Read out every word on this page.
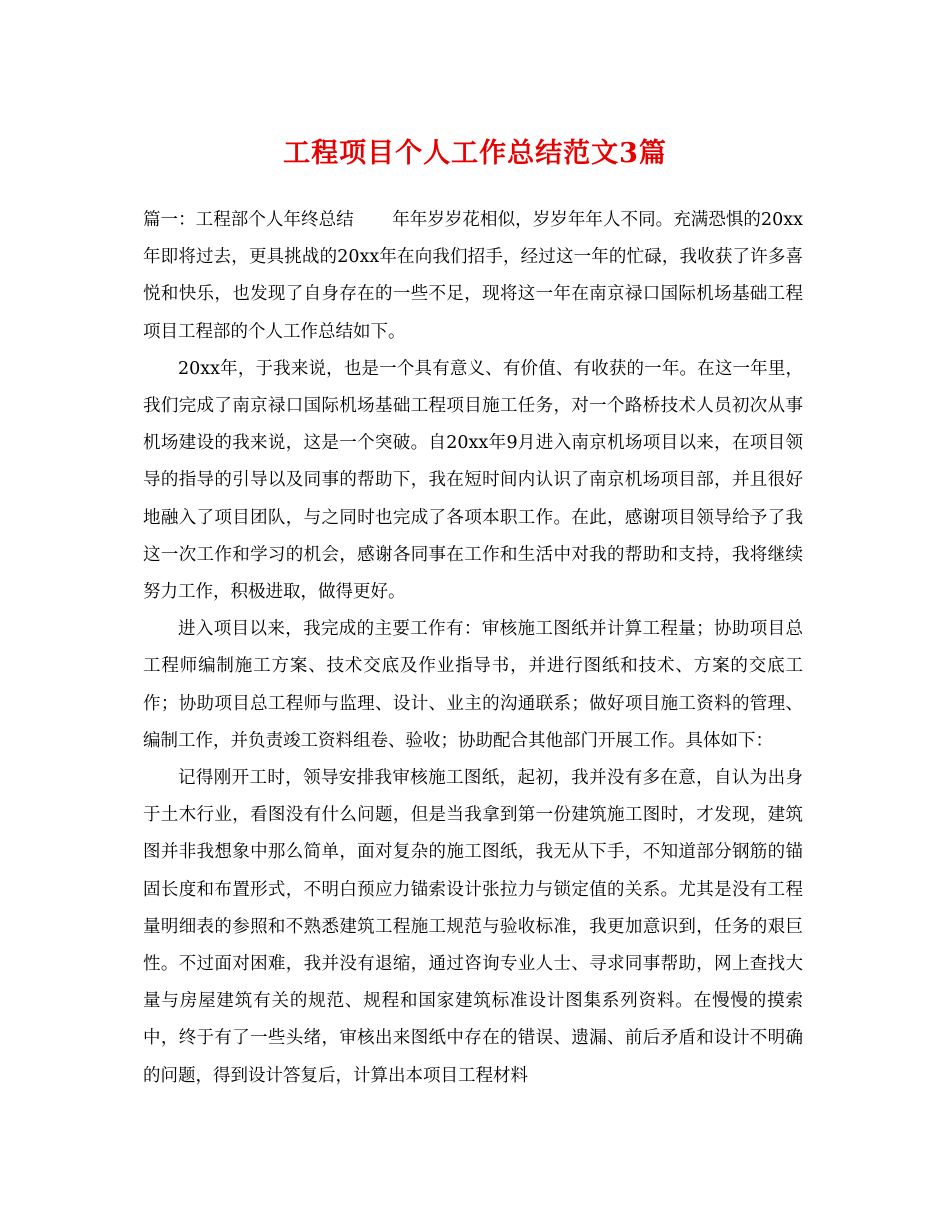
工程项目个人工作总结范文3篇

篇一：工程部个人年终总结 年年岁岁花相似，岁岁年年人不同。充满恐惧的20xx年即将过去，更具挑战的20xx年在向我们招手，经过这一年的忙碌，我收获了许多喜悦和快乐，也发现了自身存在的一些不足，现将这一年在南京禄口国际机场基础工程项目工程部的个人工作总结如下。

20xx年，于我来说，也是一个具有意义、有价值、有收获的一年。在这一年里，我们完成了南京禄口国际机场基础工程项目施工任务，对一个路桥技术人员初次从事机场建设的我来说，这是一个突破。自20xx年9月进入南京机场项目以来，在项目领导的指导的引导以及同事的帮助下，我在短时间内认识了南京机场项目部，并且很好地融入了项目团队，与之同时也完成了各项本职工作。在此，感谢项目领导给予了我这一次工作和学习的机会，感谢各同事在工作和生活中对我的帮助和支持，我将继续努力工作，积极进取，做得更好。

进入项目以来，我完成的主要工作有：审核施工图纸并计算工程量；协助项目总工程师编制施工方案、技术交底及作业指导书，并进行图纸和技术、方案的交底工作；协助项目总工程师与监理、设计、业主的沟通联系；做好项目施工资料的管理、编制工作，并负责竣工资料组卷、验收；协助配合其他部门开展工作。具体如下：

记得刚开工时，领导安排我审核施工图纸，起初，我并没有多在意，自认为出身于土木行业，看图没有什么问题，但是当我拿到第一份建筑施工图时，才发现，建筑图并非我想象中那么简单，面对复杂的施工图纸，我无从下手，不知道部分钢筋的锚固长度和布置形式，不明白预应力锚索设计张拉力与锁定值的关系。尤其是没有工程量明细表的参照和不熟悉建筑工程施工规范与验收标准，我更加意识到，任务的艰巨性。不过面对困难，我并没有退缩，通过咨询专业人士、寻求同事帮助，网上查找大量与房屋建筑有关的规范、规程和国家建筑标准设计图集系列资料。在慢慢的摸索中，终于有了一些头绪，审核出来图纸中存在的错误、遗漏、前后矛盾和设计不明确的问题，得到设计答复后，计算出本项目工程材料
